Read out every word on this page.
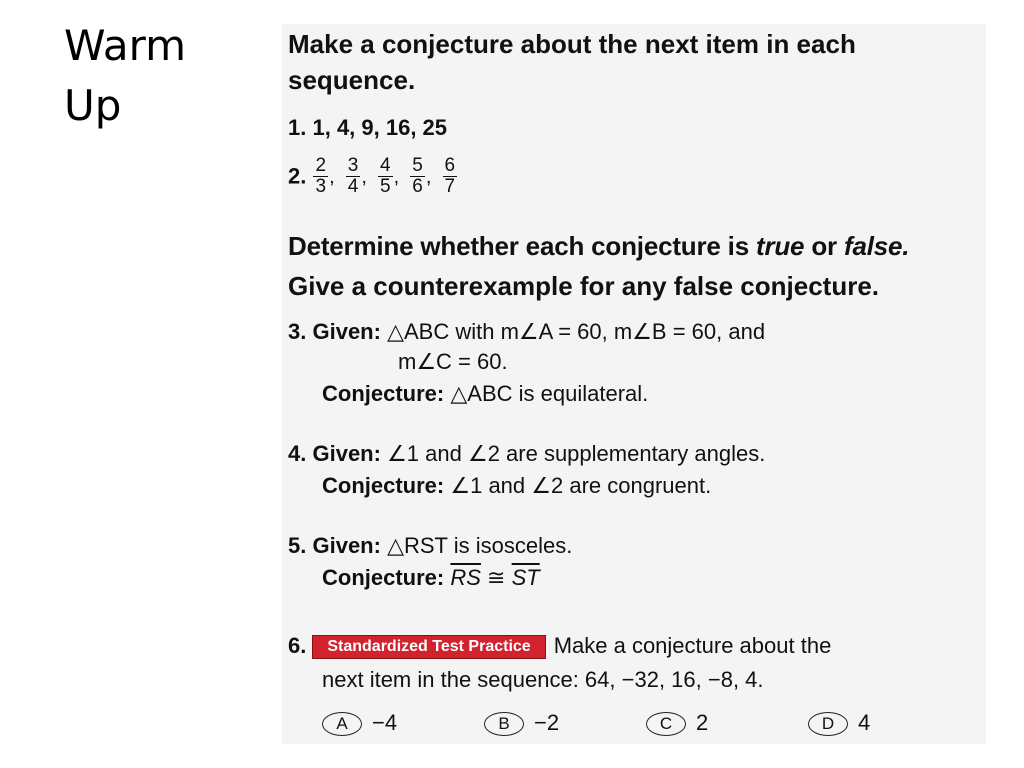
Warm Up
Make a conjecture about the next item in each sequence.
1. 1, 4, 9, 16, 25
2. $\frac{2}{3}$ , $\frac{3}{4}$ , $\frac{4}{5}$ , $\frac{5}{6}$ , $\frac{6}{7}$
Determine whether each conjecture is true or false.
Give a counterexample for any false conjecture.
3. Given: △ABC with m∠A = 60, m∠B = 60, and
m∠C = 60.
Conjecture: △ABC is equilateral.
4. Given: ∠1 and ∠2 are supplementary angles.
Conjecture: ∠1 and ∠2 are congruent.
5. Given: △RST is isosceles.
Conjecture: $\overline{RS}$ ≅ $\overline{ST}$
6. Standardized Test Practice Make a conjecture about the
next item in the sequence: 64, −32, 16, −8, 4.
A −4	B −2	C 2	D 4
